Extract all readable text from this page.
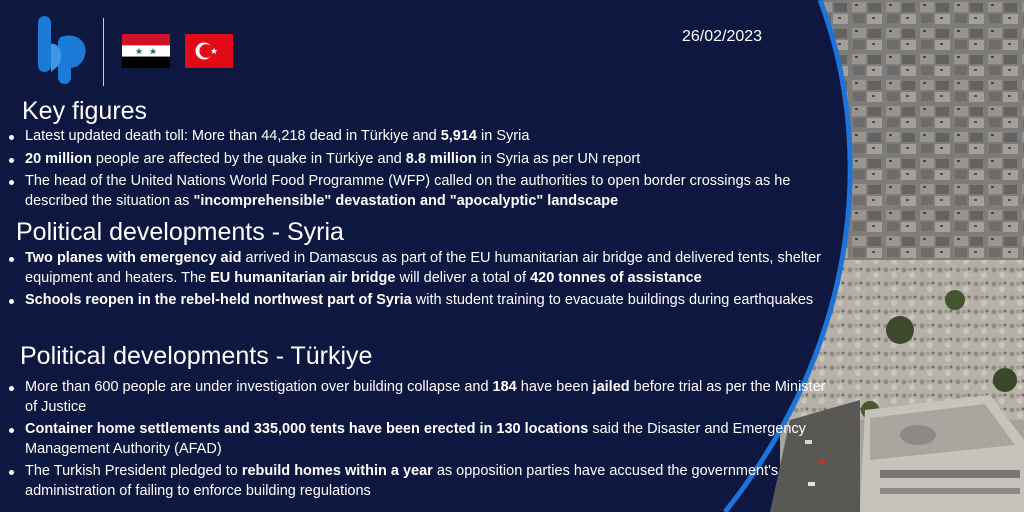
26/02/2023
Key figures
Latest updated death toll: More than 44,218 dead in Türkiye and 5,914 in Syria
20 million people are affected by the quake in Türkiye and 8.8 million in Syria as per UN report
The head of the United Nations World Food Programme (WFP) called on the authorities to open border crossings as he described the situation as "incomprehensible" devastation and "apocalyptic" landscape
Political developments - Syria
Two planes with emergency aid arrived in Damascus as part of the EU humanitarian air bridge and delivered tents, shelter equipment and heaters. The EU humanitarian air bridge will deliver a total of 420 tonnes of assistance
Schools reopen in the rebel-held northwest part of Syria with student training to evacuate buildings during earthquakes
Political developments - Türkiye
More than 600 people are under investigation over building collapse and 184 have been jailed before trial as per the Minister of Justice
Container home settlements and 335,000 tents have been erected in 130 locations said the Disaster and Emergency Management Authority (AFAD)
The Turkish President pledged to rebuild homes within a year as opposition parties have accused the government's administration of failing to enforce building regulations
